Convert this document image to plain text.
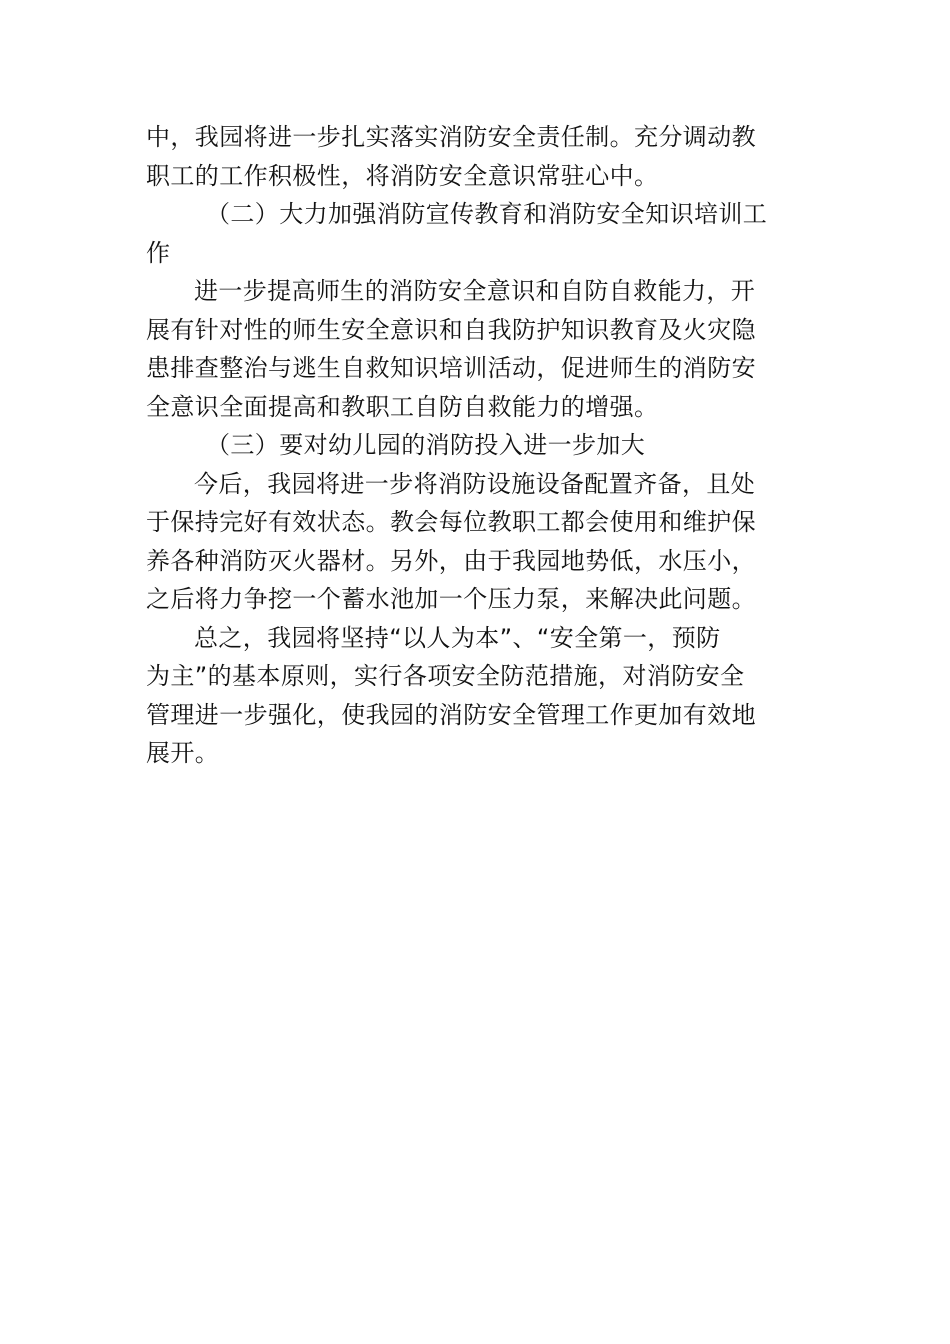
中，我园将进一步扎实落实消防安全责任制。充分调动教
职工的工作积极性，将消防安全意识常驻心中。
（二）大力加强消防宣传教育和消防安全知识培训工
作
进一步提高师生的消防安全意识和自防自救能力，开
展有针对性的师生安全意识和自我防护知识教育及火灾隐
患排查整治与逃生自救知识培训活动，促进师生的消防安
全意识全面提高和教职工自防自救能力的增强。
（三）要对幼儿园的消防投入进一步加大
今后，我园将进一步将消防设施设备配置齐备，且处
于保持完好有效状态。教会每位教职工都会使用和维护保
养各种消防灭火器材。另外，由于我园地势低，水压小，
之后将力争挖一个蓄水池加一个压力泵，来解决此问题。
总之，我园将坚持“以人为本”、“安全第一，预防
为主”的基本原则，实行各项安全防范措施，对消防安全
管理进一步强化，使我园的消防安全管理工作更加有效地
展开。
